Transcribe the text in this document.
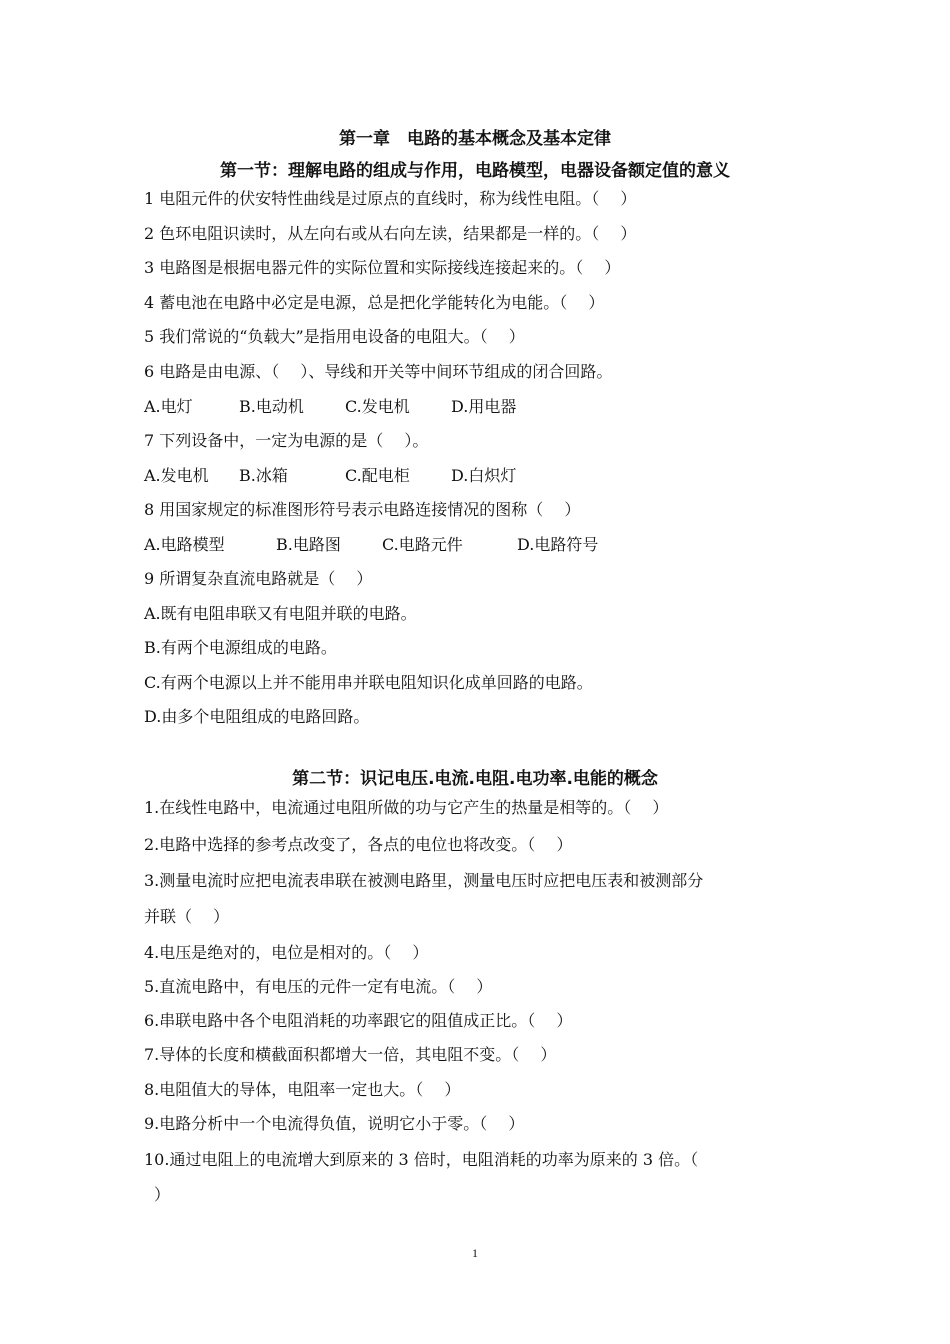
第一章　电路的基本概念及基本定律
第一节：理解电路的组成与作用，电路模型，电器设备额定值的意义
1 电阻元件的伏安特性曲线是过原点的直线时，称为线性电阻。（　 ）
2 色环电阻识读时，从左向右或从右向左读，结果都是一样的。（　 ）
3 电路图是根据电器元件的实际位置和实际接线连接起来的。（　 ）
4 蓄电池在电路中必定是电源，总是把化学能转化为电能。（　 ）
5 我们常说的“负载大”是指用电设备的电阻大。（　 ）
6 电路是由电源、（　 ）、导线和开关等中间环节组成的闭合回路。
A.电灯	B.电动机	C.发电机	D.用电器
7 下列设备中，一定为电源的是（　 ）。
A.发电机 B.冰箱	C.配电柜	D.白炽灯
8 用国家规定的标准图形符号表示电路连接情况的图称（　 ）
A.电路模型	B.电路图	C.电路元件	D.电路符号
9 所谓复杂直流电路就是（　 ）
A.既有电阻串联又有电阻并联的电路。
B.有两个电源组成的电路。
C.有两个电源以上并不能用串并联电阻知识化成单回路的电路。
D.由多个电阻组成的电路回路。
第二节：识记电压.电流.电阻.电功率.电能的概念
1.在线性电路中，电流通过电阻所做的功与它产生的热量是相等的。（　 ）
2.电路中选择的参考点改变了，各点的电位也将改变。（　 ）
3.测量电流时应把电流表串联在被测电路里，测量电压时应把电压表和被测部分
并联（　 ）
4.电压是绝对的，电位是相对的。（　 ）
5.直流电路中，有电压的元件一定有电流。（　 ）
6.串联电路中各个电阻消耗的功率跟它的阻值成正比。（　 ）
7.导体的长度和横截面积都增大一倍，其电阻不变。（　 ）
8.电阻值大的导体，电阻率一定也大。（　 ）
9.电路分析中一个电流得负值，说明它小于零。（　 ）
10.通过电阻上的电流增大到原来的 3 倍时，电阻消耗的功率为原来的 3 倍。（
）
1
